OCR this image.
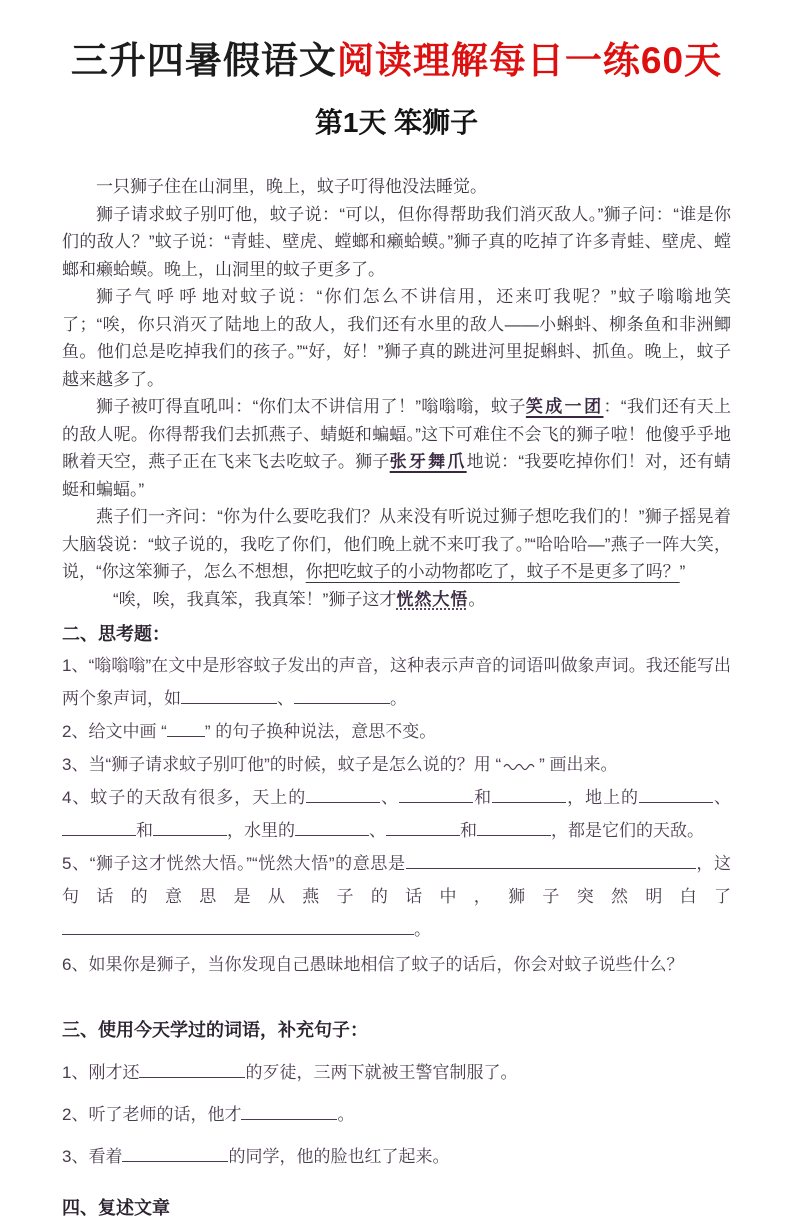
三升四暑假语文阅读理解每日一练60天
第1天 笨狮子

一只狮子住在山洞里，晚上，蚊子叮得他没法睡觉。

狮子请求蚊子别叮他，蚊子说：“可以，但你得帮助我们消灭敌人。”狮子问：“谁是你们的敌人？”蚊子说：“青蛙、壁虎、螳螂和癞蛤蟆。”狮子真的吃掉了许多青蛙、壁虎、螳螂和癞蛤蟆。晚上，山洞里的蚊子更多了。

狮子气呼呼地对蚊子说：“你们怎么不讲信用，还来叮我呢？”蚊子嗡嗡地笑了；“唉，你只消灭了陆地上的敌人，我们还有水里的敌人——小蝌蚪、柳条鱼和非洲鲫鱼。他们总是吃掉我们的孩子。”“好，好！”狮子真的跳进河里捉蝌蚪、抓鱼。晚上，蚊子越来越多了。

狮子被叮得直吼叫：“你们太不讲信用了！”嗡嗡嗡，蚊子笑成一团：“我们还有天上的敌人呢。你得帮我们去抓燕子、蜻蜓和蝙蝠。”这下可难住不会飞的狮子啦！他傻乎乎地瞅着天空，燕子正在飞来飞去吃蚊子。狮子张牙舞爪地说：“我要吃掉你们！对，还有蜻蜓和蝙蝠。”

燕子们一齐问：“你为什么要吃我们？从来没有听说过狮子想吃我们的！”狮子摇晃着大脑袋说：“蚊子说的，我吃了你们，他们晚上就不来叮我了。”“哈哈哈—”燕子一阵大笑，说，“你这笨狮子，怎么不想想，你把吃蚊子的小动物都吃了，蚊子不是更多了吗？”

“唉，唉，我真笨，我真笨！”狮子这才恍然大悟。

二、思考题：

1、“嗡嗡嗡”在文中是形容蚊子发出的声音，这种表示声音的词语叫做象声词。我还能写出两个象声词，如	、	。

2、给文中画 “ ” 的句子换种说法，意思不变。

3、当“狮子请求蚊子别叮他”的时候，蚊子是怎么说的？用 “ ” 画出来。

4、蚊子的天敌有很多，天上的	、	和	，地上的	、和	，水里的	、	和	，都是它们的天敌。

5、“狮子这才恍然大悟。”“恍然大悟”的意思是	，这句话的意思是从燕子的话中，狮子突然明白了。

6、如果你是狮子，当你发现自己愚昧地相信了蚊子的话后，你会对蚊子说些什么？

三、使用今天学过的词语，补充句子：

1、刚才还	的歹徒，三两下就被王警官制服了。

2、听了老师的话，他才	。

3、看着	的同学，他的脸也红了起来。

四、复述文章
